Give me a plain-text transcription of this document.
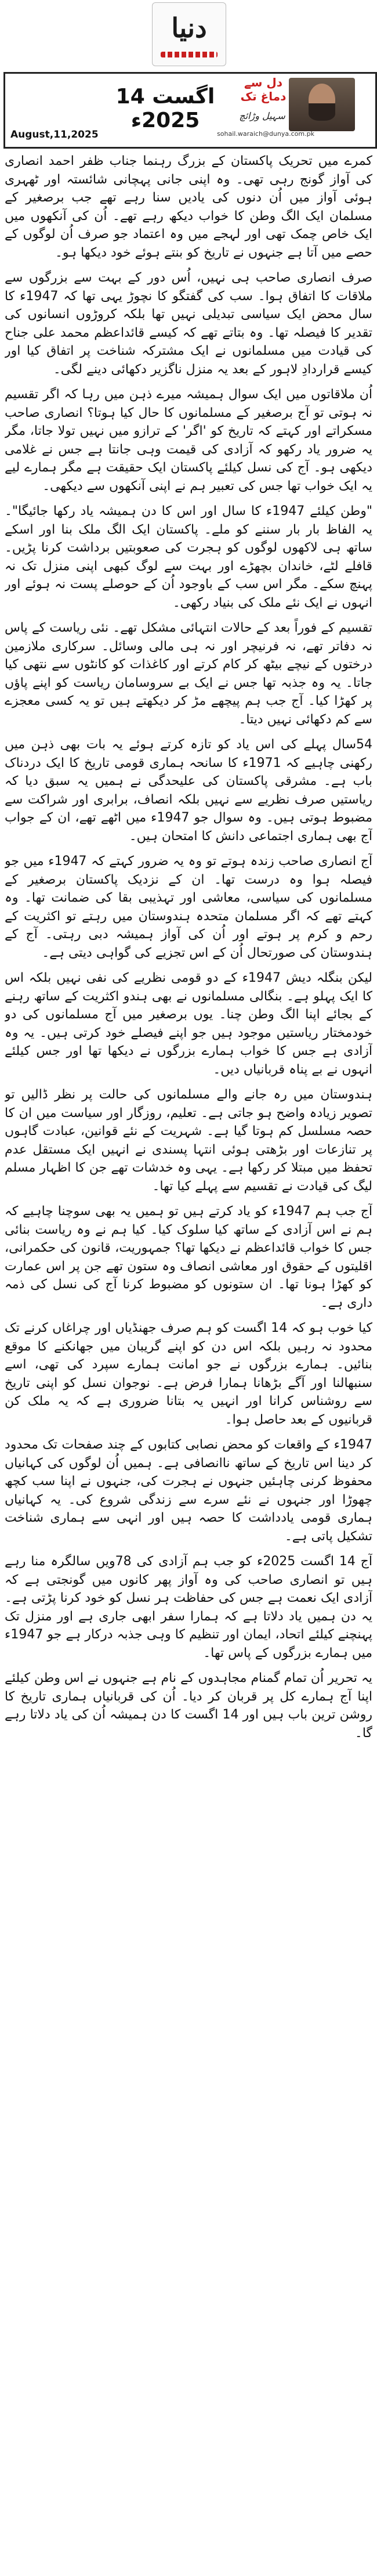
دنیا
14 اگست 2025ء
دل سے دماغ تک
سہیل وڑائچ
sohail.waraich@dunya.com.pk
August,11,2025

کمرے میں تحریک پاکستان کے بزرگ رہنما جناب ظفر احمد انصاری کی آواز گونج رہی تھی۔ وہ اپنی جانی پہچانی شائستہ اور ٹھہری ہوئی آواز میں اُن دنوں کی یادیں سنا رہے تھے جب برصغیر کے مسلمان ایک الگ وطن کا خواب دیکھ رہے تھے۔ اُن کی آنکھوں میں ایک خاص چمک تھی اور لہجے میں وہ اعتماد جو صرف اُن لوگوں کے حصے میں آتا ہے جنہوں نے تاریخ کو بنتے ہوئے خود دیکھا ہو۔

صرف انصاری صاحب ہی نہیں، اُس دور کے بہت سے بزرگوں سے ملاقات کا اتفاق ہوا۔ سب کی گفتگو کا نچوڑ یہی تھا کہ 1947ء کا سال محض ایک سیاسی تبدیلی نہیں تھا بلکہ کروڑوں انسانوں کی تقدیر کا فیصلہ تھا۔ وہ بتاتے تھے کہ کیسے قائداعظم محمد علی جناح کی قیادت میں مسلمانوں نے ایک مشترکہ شناخت پر اتفاق کیا اور کیسے قراردادِ لاہور کے بعد یہ منزل ناگزیر دکھائی دینے لگی۔

اُن ملاقاتوں میں ایک سوال ہمیشہ میرے ذہن میں رہا کہ اگر تقسیم نہ ہوتی تو آج برصغیر کے مسلمانوں کا حال کیا ہوتا؟ انصاری صاحب مسکراتے اور کہتے کہ تاریخ کو 'اگر' کے ترازو میں نہیں تولا جاتا، مگر یہ ضرور یاد رکھو کہ آزادی کی قیمت وہی جانتا ہے جس نے غلامی دیکھی ہو۔ آج کی نسل کیلئے پاکستان ایک حقیقت ہے مگر ہمارے لیے یہ ایک خواب تھا جس کی تعبیر ہم نے اپنی آنکھوں سے دیکھی۔

"وطن کیلئے 1947ء کا سال اور اس کا دن ہمیشہ یاد رکھا جائیگا"۔ یہ الفاظ بار بار سننے کو ملے۔ پاکستان ایک الگ ملک بنا اور اسکے ساتھ ہی لاکھوں لوگوں کو ہجرت کی صعوبتیں برداشت کرنا پڑیں۔ قافلے لٹے، خاندان بچھڑے اور بہت سے لوگ کبھی اپنی منزل تک نہ پہنچ سکے۔ مگر اس سب کے باوجود اُن کے حوصلے پست نہ ہوئے اور انہوں نے ایک نئے ملک کی بنیاد رکھی۔

تقسیم کے فوراً بعد کے حالات انتہائی مشکل تھے۔ نئی ریاست کے پاس نہ دفاتر تھے، نہ فرنیچر اور نہ ہی مالی وسائل۔ سرکاری ملازمین درختوں کے نیچے بیٹھ کر کام کرتے اور کاغذات کو کانٹوں سے نتھی کیا جاتا۔ یہ وہ جذبہ تھا جس نے ایک بے سروسامان ریاست کو اپنے پاؤں پر کھڑا کیا۔ آج جب ہم پیچھے مڑ کر دیکھتے ہیں تو یہ کسی معجزے سے کم دکھائی نہیں دیتا۔

54سال پہلے کی اس یاد کو تازہ کرتے ہوئے یہ بات بھی ذہن میں رکھنی چاہیے کہ 1971ء کا سانحہ ہماری قومی تاریخ کا ایک دردناک باب ہے۔ مشرقی پاکستان کی علیحدگی نے ہمیں یہ سبق دیا کہ ریاستیں صرف نظریے سے نہیں بلکہ انصاف، برابری اور شراکت سے مضبوط ہوتی ہیں۔ وہ سوال جو 1947ء میں اٹھے تھے، ان کے جواب آج بھی ہماری اجتماعی دانش کا امتحان ہیں۔

آج انصاری صاحب زندہ ہوتے تو وہ یہ ضرور کہتے کہ 1947ء میں جو فیصلہ ہوا وہ درست تھا۔ ان کے نزدیک پاکستان برصغیر کے مسلمانوں کی سیاسی، معاشی اور تہذیبی بقا کی ضمانت تھا۔ وہ کہتے تھے کہ اگر مسلمان متحدہ ہندوستان میں رہتے تو اکثریت کے رحم و کرم پر ہوتے اور اُن کی آواز ہمیشہ دبی رہتی۔ آج کے ہندوستان کی صورتحال اُن کے اس تجزیے کی گواہی دیتی ہے۔

لیکن بنگلہ دیش 1947ء کے دو قومی نظریے کی نفی نہیں بلکہ اس کا ایک پہلو ہے۔ بنگالی مسلمانوں نے بھی ہندو اکثریت کے ساتھ رہنے کے بجائے اپنا الگ وطن چنا۔ یوں برصغیر میں آج مسلمانوں کی دو خودمختار ریاستیں موجود ہیں جو اپنے فیصلے خود کرتی ہیں۔ یہ وہ آزادی ہے جس کا خواب ہمارے بزرگوں نے دیکھا تھا اور جس کیلئے انہوں نے بے پناہ قربانیاں دیں۔

ہندوستان میں رہ جانے والے مسلمانوں کی حالت پر نظر ڈالیں تو تصویر زیادہ واضح ہو جاتی ہے۔ تعلیم، روزگار اور سیاست میں ان کا حصہ مسلسل کم ہوتا گیا ہے۔ شہریت کے نئے قوانین، عبادت گاہوں پر تنازعات اور بڑھتی ہوئی انتہا پسندی نے انہیں ایک مستقل عدم تحفظ میں مبتلا کر رکھا ہے۔ یہی وہ خدشات تھے جن کا اظہار مسلم لیگ کی قیادت نے تقسیم سے پہلے کیا تھا۔

آج جب ہم 1947ء کو یاد کرتے ہیں تو ہمیں یہ بھی سوچنا چاہیے کہ ہم نے اس آزادی کے ساتھ کیا سلوک کیا۔ کیا ہم نے وہ ریاست بنائی جس کا خواب قائداعظم نے دیکھا تھا؟ جمہوریت، قانون کی حکمرانی، اقلیتوں کے حقوق اور معاشی انصاف وہ ستون تھے جن پر اس عمارت کو کھڑا ہونا تھا۔ ان ستونوں کو مضبوط کرنا آج کی نسل کی ذمہ داری ہے۔

کیا خوب ہو کہ 14 اگست کو ہم صرف جھنڈیاں اور چراغاں کرنے تک محدود نہ رہیں بلکہ اس دن کو اپنے گریبان میں جھانکنے کا موقع بنائیں۔ ہمارے بزرگوں نے جو امانت ہمارے سپرد کی تھی، اسے سنبھالنا اور آگے بڑھانا ہمارا فرض ہے۔ نوجوان نسل کو اپنی تاریخ سے روشناس کرانا اور انہیں یہ بتانا ضروری ہے کہ یہ ملک کن قربانیوں کے بعد حاصل ہوا۔

1947ء کے واقعات کو محض نصابی کتابوں کے چند صفحات تک محدود کر دینا اس تاریخ کے ساتھ ناانصافی ہے۔ ہمیں اُن لوگوں کی کہانیاں محفوظ کرنی چاہئیں جنہوں نے ہجرت کی، جنہوں نے اپنا سب کچھ چھوڑا اور جنہوں نے نئے سرے سے زندگی شروع کی۔ یہ کہانیاں ہماری قومی یادداشت کا حصہ ہیں اور انہی سے ہماری شناخت تشکیل پاتی ہے۔

آج 14 اگست 2025ء کو جب ہم آزادی کی 78ویں سالگرہ منا رہے ہیں تو انصاری صاحب کی وہ آواز پھر کانوں میں گونجتی ہے کہ آزادی ایک نعمت ہے جس کی حفاظت ہر نسل کو خود کرنا پڑتی ہے۔ یہ دن ہمیں یاد دلاتا ہے کہ ہمارا سفر ابھی جاری ہے اور منزل تک پہنچنے کیلئے اتحاد، ایمان اور تنظیم کا وہی جذبہ درکار ہے جو 1947ء میں ہمارے بزرگوں کے پاس تھا۔

یہ تحریر اُن تمام گمنام مجاہدوں کے نام ہے جنہوں نے اس وطن کیلئے اپنا آج ہمارے کل پر قربان کر دیا۔ اُن کی قربانیاں ہماری تاریخ کا روشن ترین باب ہیں اور 14 اگست کا دن ہمیشہ اُن کی یاد دلاتا رہے گا۔
